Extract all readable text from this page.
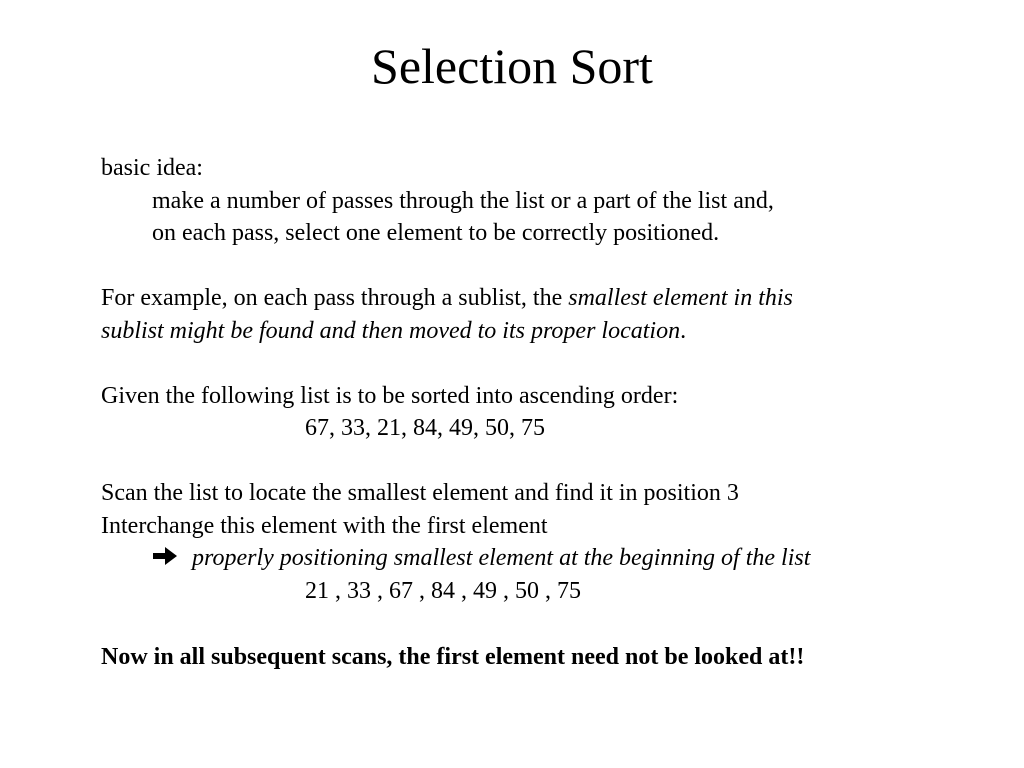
Selection Sort
basic idea:
make a number of passes through the list or a part of the list and,
on each pass, select one element to be correctly positioned.
For example, on each pass through a sublist, the smallest element in this
sublist might be found and then moved to its proper location.
Given the following list is to be sorted into ascending order:
67, 33, 21, 84, 49, 50, 75
Scan the list to locate the smallest element and find it in position 3
Interchange this element with the first element
properly positioning smallest element at the beginning of the list
21 , 33 , 67 , 84 , 49 , 50 , 75
Now in all subsequent scans, the first element need not be looked at!!
